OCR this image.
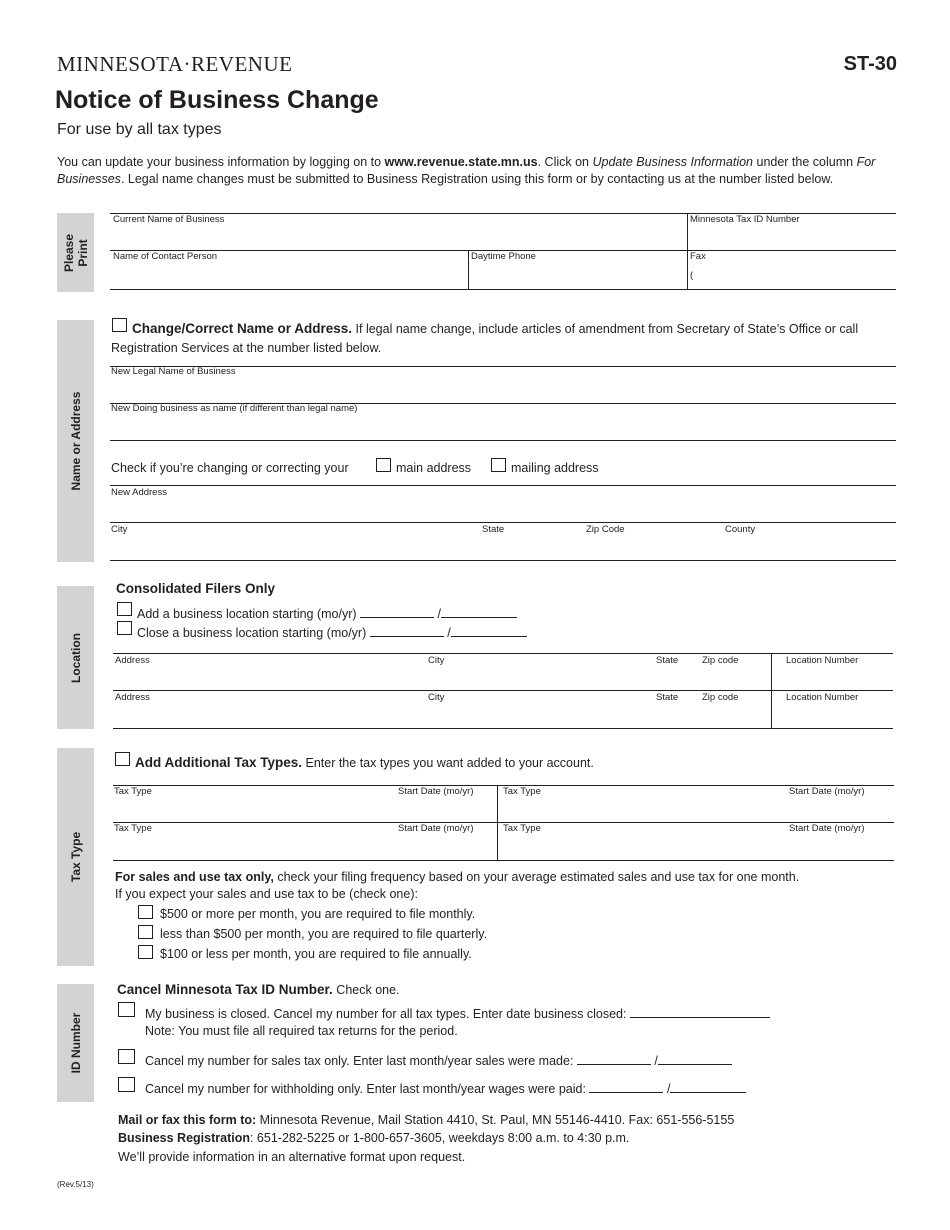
MINNESOTA·REVENUE	ST-30
Notice of Business Change
For use by all tax types
You can update your business information by logging on to www.revenue.state.mn.us. Click on Update Business Information under the column For Businesses. Legal name changes must be submitted to Business Registration using this form or by contacting us at the number listed below.
Please Print
Current Name of Business	Minnesota Tax ID Number
Name of Contact Person	Daytime Phone	Fax
(
Name or Address
Change/Correct Name or Address. If legal name change, include articles of amendment from Secretary of State’s Office or call
Registration Services at the number listed below.
New Legal Name of Business
New Doing business as name (if different than legal name)
Check if you’re changing or correcting your	main address	mailing address
New Address
City	State	Zip Code	County
Location
Consolidated Filers Only
Add a business location starting (mo/yr)	/
Close a business location starting (mo/yr)	/
Address	City	State	Zip code	Location Number
Address	City	State	Zip code	Location Number
Tax Type
Add Additional Tax Types. Enter the tax types you want added to your account.
Tax Type	Start Date (mo/yr)	Tax Type	Start Date (mo/yr)
Tax Type	Start Date (mo/yr)	Tax Type	Start Date (mo/yr)
For sales and use tax only, check your filing frequency based on your average estimated sales and use tax for one month.
If you expect your sales and use tax to be (check one):
$500 or more per month, you are required to file monthly.
less than $500 per month, you are required to file quarterly.
$100 or less per month, you are required to file annually.
ID Number
Cancel Minnesota Tax ID Number. Check one.
My business is closed. Cancel my number for all tax types. Enter date business closed:
Note: You must file all required tax returns for the period.
Cancel my number for sales tax only. Enter last month/year sales were made:	/
Cancel my number for withholding only. Enter last month/year wages were paid:	/
Mail or fax this form to: Minnesota Revenue, Mail Station 4410, St. Paul, MN 55146-4410. Fax: 651-556-5155
Business Registration: 651-282-5225 or 1-800-657-3605, weekdays 8:00 a.m. to 4:30 p.m.
We’ll provide information in an alternative format upon request.
(Rev.5/13)
